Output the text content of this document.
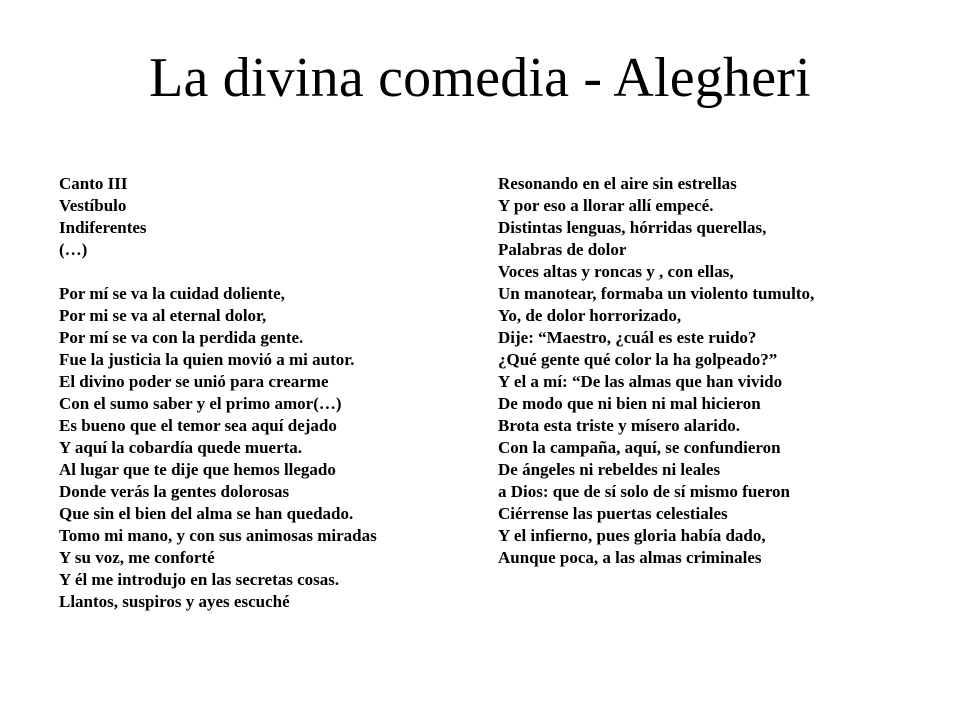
La divina comedia - Alegheri
Canto III
Vestíbulo
Indiferentes
(…)
Por mí se va la cuidad doliente,
Por mi se va al eternal dolor,
Por mí se va con la perdida gente.
Fue la justicia la quien movió a mi autor.
El divino poder se unió para crearme
Con el sumo saber y el primo amor(…)
Es bueno que el temor sea aquí dejado
Y aquí la cobardía quede muerta.
Al lugar que te dije que hemos llegado
Donde verás la gentes dolorosas
Que sin el bien del alma se han quedado.
Tomo mi mano, y con sus animosas miradas
Y su voz, me conforté
Y él me introdujo en las secretas cosas.
Llantos, suspiros y ayes escuché
Resonando en el aire sin estrellas
Y por eso a llorar allí empecé.
Distintas lenguas, hórridas querellas,
Palabras de dolor
Voces altas y roncas y , con ellas,
Un manotear, formaba un violento tumulto,
Yo, de dolor horrorizado,
Dije: “Maestro, ¿cuál es este ruido?
¿Qué gente qué color la ha golpeado?”
Y el a mí: “De las almas que han vivido
De modo que ni bien ni mal hicieron
Brota esta triste y mísero alarido.
Con la campaña, aquí, se confundieron
De ángeles ni rebeldes ni leales
a Dios: que de sí solo de sí mismo fueron
Ciérrense las puertas celestiales
Y el infierno, pues gloria había dado,
Aunque poca, a las almas criminales
